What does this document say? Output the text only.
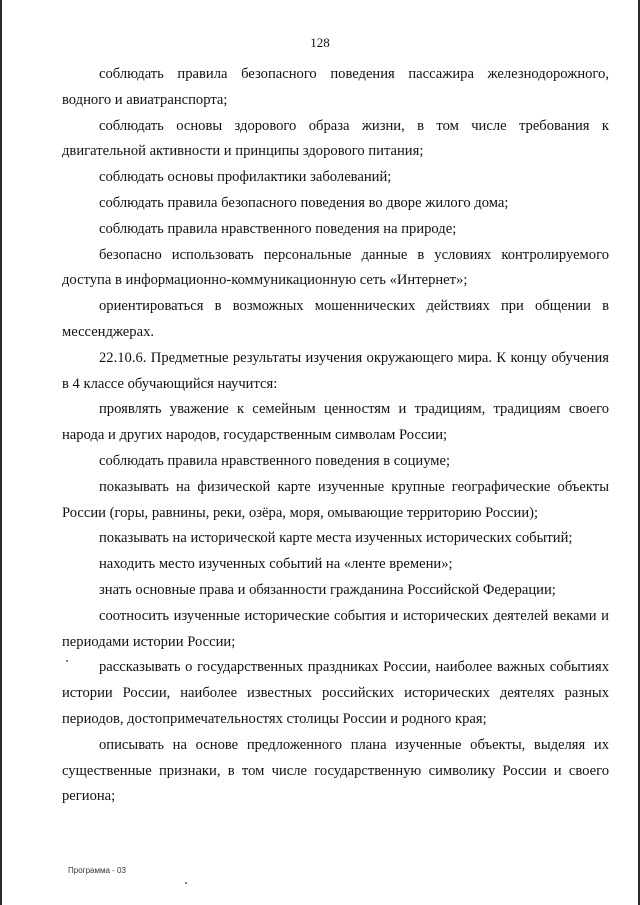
128

соблюдать правила безопасного поведения пассажира железнодорожного, водного и авиатранспорта;

соблюдать основы здорового образа жизни, в том числе требования к двигательной активности и принципы здорового питания;

соблюдать основы профилактики заболеваний;

соблюдать правила безопасного поведения во дворе жилого дома;

соблюдать правила нравственного поведения на природе;

безопасно использовать персональные данные в условиях контролируемого доступа в информационно-коммуникационную сеть «Интернет»;

ориентироваться в возможных мошеннических действиях при общении в мессенджерах.

22.10.6. Предметные результаты изучения окружающего мира. К концу обучения в 4 классе обучающийся научится:

проявлять уважение к семейным ценностям и традициям, традициям своего народа и других народов, государственным символам России;

соблюдать правила нравственного поведения в социуме;

показывать на физической карте изученные крупные географические объекты России (горы, равнины, реки, озёра, моря, омывающие территорию России);

показывать на исторической карте места изученных исторических событий;

находить место изученных событий на «ленте времени»;

знать основные права и обязанности гражданина Российской Федерации;

соотносить изученные исторические события и исторических деятелей веками и периодами истории России;

рассказывать о государственных праздниках России, наиболее важных событиях истории России, наиболее известных российских исторических деятелях разных периодов, достопримечательностях столицы России и родного края;

описывать на основе предложенного плана изученные объекты, выделяя их существенные признаки, в том числе государственную символику России и своего региона;

Программа - 03
